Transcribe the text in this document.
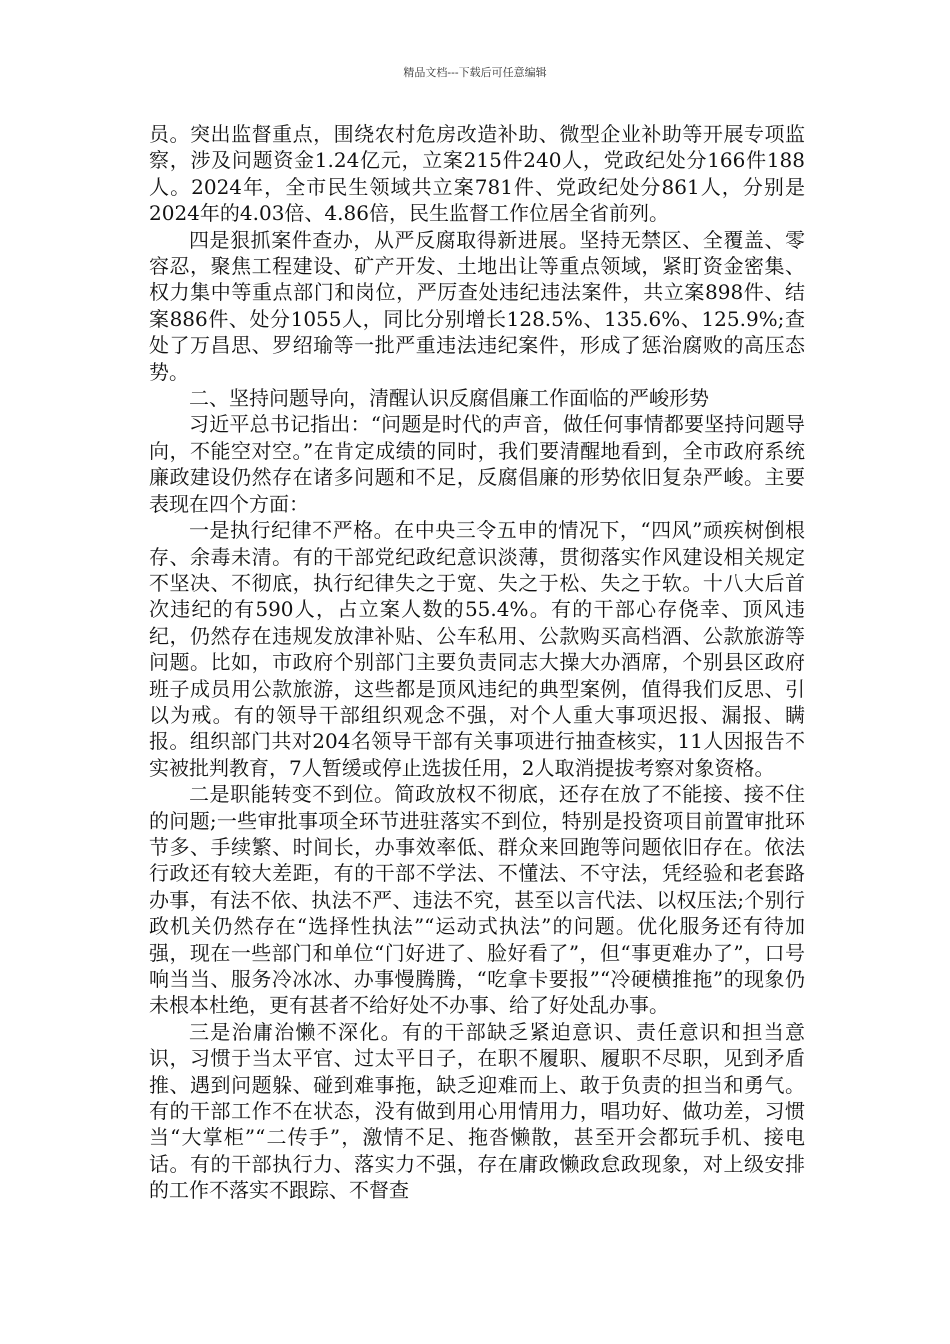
精品文档---下载后可任意编辑

员。突出监督重点，围绕农村危房改造补助、微型企业补助等开展专项监察，涉及问题资金1.24亿元，立案215件240人，党政纪处分166件188人。2024年，全市民生领域共立案781件、党政纪处分861人，分别是2024年的4.03倍、4.86倍，民生监督工作位居全省前列。

四是狠抓案件查办，从严反腐取得新进展。坚持无禁区、全覆盖、零容忍，聚焦工程建设、矿产开发、土地出让等重点领域，紧盯资金密集、权力集中等重点部门和岗位，严厉查处违纪违法案件，共立案898件、结案886件、处分1055人，同比分别增长128.5%、135.6%、125.9%;查处了万昌思、罗绍瑜等一批严重违法违纪案件，形成了惩治腐败的高压态势。

二、坚持问题导向，清醒认识反腐倡廉工作面临的严峻形势

习近平总书记指出：“问题是时代的声音，做任何事情都要坚持问题导向，不能空对空。”在肯定成绩的同时，我们要清醒地看到，全市政府系统廉政建设仍然存在诸多问题和不足，反腐倡廉的形势依旧复杂严峻。主要表现在四个方面：

一是执行纪律不严格。在中央三令五申的情况下，“四风”顽疾树倒根存、余毒未清。有的干部党纪政纪意识淡薄，贯彻落实作风建设相关规定不坚决、不彻底，执行纪律失之于宽、失之于松、失之于软。十八大后首次违纪的有590人，占立案人数的55.4%。有的干部心存侥幸、顶风违纪，仍然存在违规发放津补贴、公车私用、公款购买高档酒、公款旅游等问题。比如，市政府个别部门主要负责同志大操大办酒席，个别县区政府班子成员用公款旅游，这些都是顶风违纪的典型案例，值得我们反思、引以为戒。有的领导干部组织观念不强，对个人重大事项迟报、漏报、瞒报。组织部门共对204名领导干部有关事项进行抽查核实，11人因报告不实被批判教育，7人暂缓或停止选拔任用，2人取消提拔考察对象资格。

二是职能转变不到位。简政放权不彻底，还存在放了不能接、接不住的问题;一些审批事项全环节进驻落实不到位，特别是投资项目前置审批环节多、手续繁、时间长，办事效率低、群众来回跑等问题依旧存在。依法行政还有较大差距，有的干部不学法、不懂法、不守法，凭经验和老套路办事，有法不依、执法不严、违法不究，甚至以言代法、以权压法;个别行政机关仍然存在“选择性执法”“运动式执法”的问题。优化服务还有待加强，现在一些部门和单位“门好进了、脸好看了”，但“事更难办了”，口号响当当、服务冷冰冰、办事慢腾腾，“吃拿卡要报”“冷硬横推拖”的现象仍未根本杜绝，更有甚者不给好处不办事、给了好处乱办事。

三是治庸治懒不深化。有的干部缺乏紧迫意识、责任意识和担当意识，习惯于当太平官、过太平日子，在职不履职、履职不尽职，见到矛盾推、遇到问题躲、碰到难事拖，缺乏迎难而上、敢于负责的担当和勇气。有的干部工作不在状态，没有做到用心用情用力，唱功好、做功差，习惯当“大掌柜”“二传手”，激情不足、拖沓懒散，甚至开会都玩手机、接电话。有的干部执行力、落实力不强，存在庸政懒政怠政现象，对上级安排的工作不落实不跟踪、不督查
